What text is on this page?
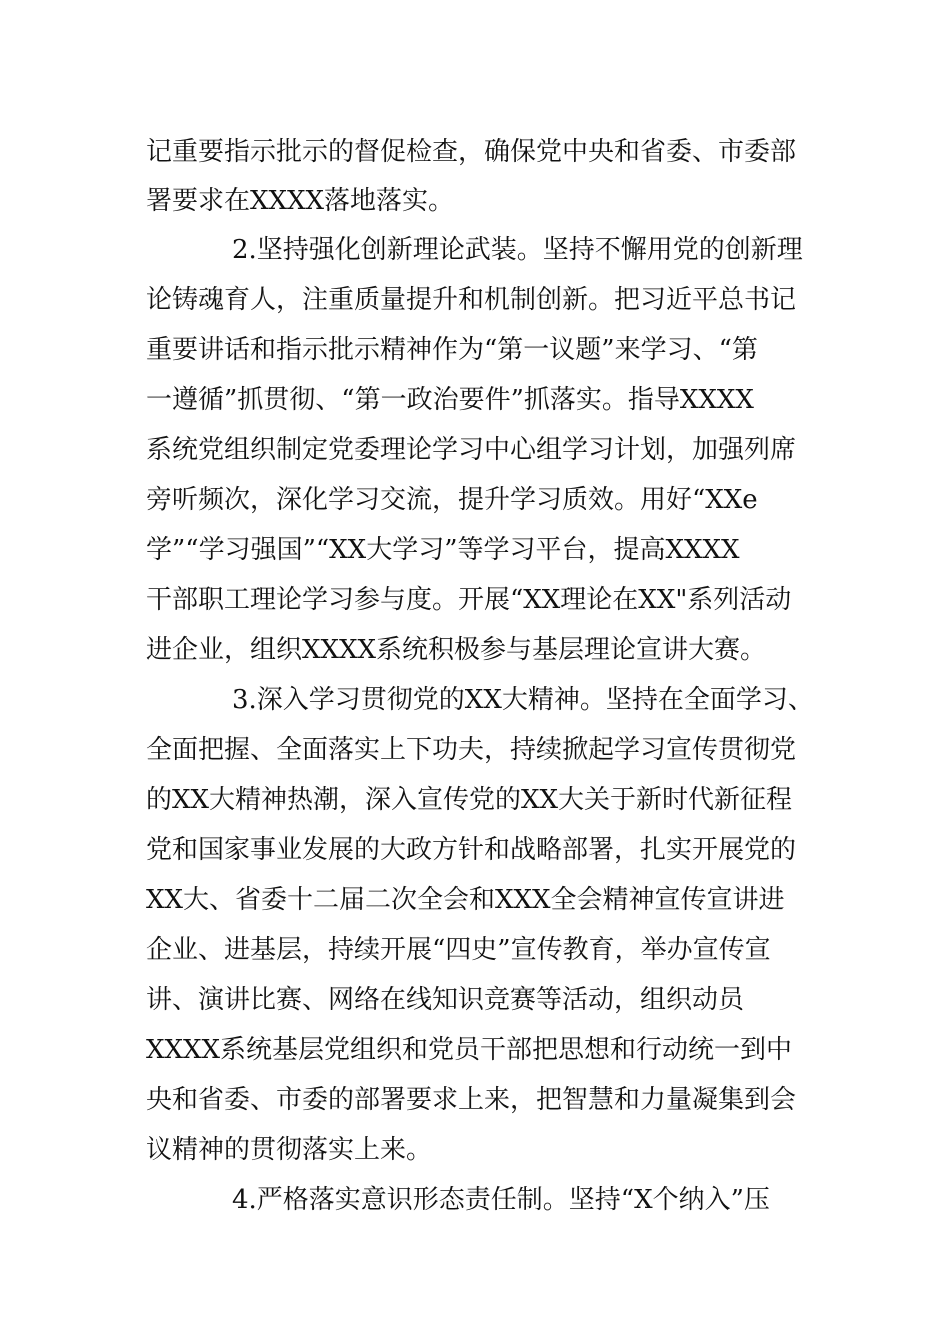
记重要指示批示的督促检查，确保党中央和省委、市委部
署要求在XXXX落地落实。
2.坚持强化创新理论武装。坚持不懈用党的创新理
论铸魂育人，注重质量提升和机制创新。把习近平总书记
重要讲话和指示批示精神作为“第一议题”来学习、“第
一遵循”抓贯彻、“第一政治要件”抓落实。指导XXXX
系统党组织制定党委理论学习中心组学习计划，加强列席
旁听频次，深化学习交流，提升学习质效。用好“XXe
学”“学习强国”“XX大学习”等学习平台，提高XXXX
干部职工理论学习参与度。开展“XX理论在XX"系列活动
进企业，组织XXXX系统积极参与基层理论宣讲大赛。
3.深入学习贯彻党的XX大精神。坚持在全面学习、
全面把握、全面落实上下功夫，持续掀起学习宣传贯彻党
的XX大精神热潮，深入宣传党的XX大关于新时代新征程
党和国家事业发展的大政方针和战略部署，扎实开展党的
XX大、省委十二届二次全会和XXX全会精神宣传宣讲进
企业、进基层，持续开展“四史”宣传教育，举办宣传宣
讲、演讲比赛、网络在线知识竞赛等活动，组织动员
XXXX系统基层党组织和党员干部把思想和行动统一到中
央和省委、市委的部署要求上来，把智慧和力量凝集到会
议精神的贯彻落实上来。
4.严格落实意识形态责任制。坚持“X个纳入”压
